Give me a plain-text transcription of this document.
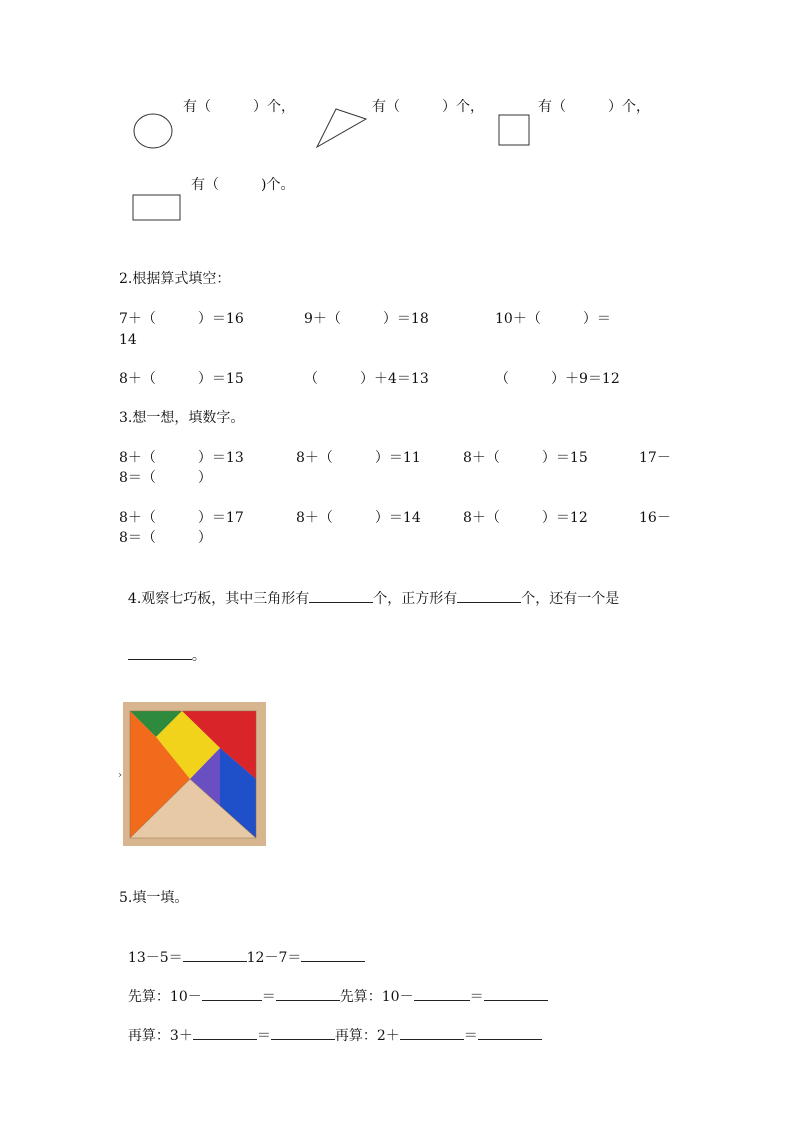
有（　　　）个，	有（　　　）个，	有（　　　）个，
有（　　　)个。
2.根据算式填空：
7＋（　　　）＝16	9＋（　　　）＝18	10＋（　　　）＝
14
8＋（　　　）＝15	（　　　）＋4＝13	（　　　）＋9＝12
3.想一想，填数字。
8＋（　　　）＝13	8＋（　　　）＝11	8＋（　　　）＝15	17－
8＝（　　　）
8＋（　　　）＝17	8＋（　　　）＝14	8＋（　　　）＝12	16－
8＝（　　　）

4.观察七巧板，其中三角形有	个，正方形有	个，还有一个是

。

›
5.填一填。

13－5＝	12－7＝

先算：10－	＝	先算：10－	＝

再算：3＋	＝	再算：2＋	＝
